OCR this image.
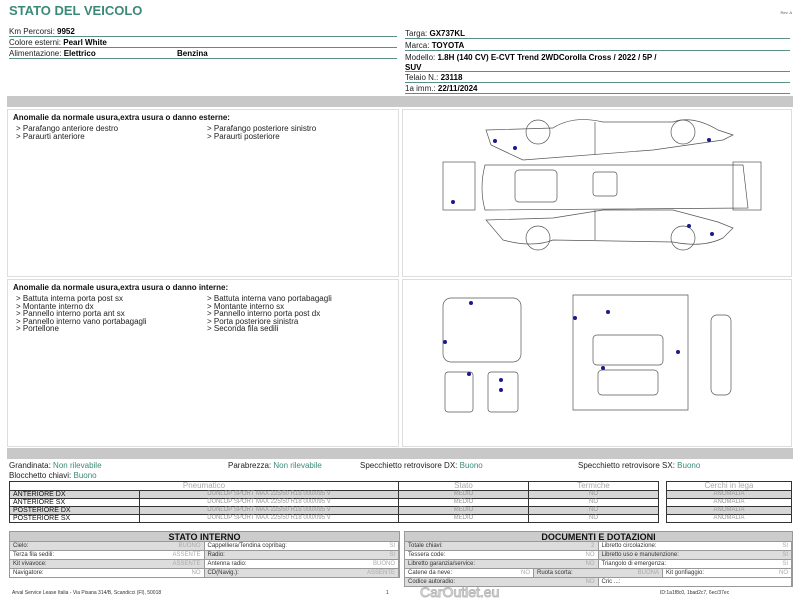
STATO DEL VEICOLO	Rev. A
Km Percorsi: 9952
Colore esterni: Pearl White
Alimentazione: Elettrico	Benzina
Targa: GX737KL
Marca: TOYOTA
Modello: 1.8H (140 CV) E-CVT Trend 2WDCorolla Cross / 2022 / 5P /
SUV
Telaio N.: 23118
1a imm.: 22/11/2024
Anomalie da normale usura,extra usura o danno esterne:

> Parafango anteriore destro

> Paraurti anteriore

> Parafango posteriore sinistro

> Paraurti posteriore

Anomalie da normale usura,extra usura o danno interne:

> Battuta interna porta post sx

> Montante interno dx

> Pannello interno porta ant sx

> Pannello interno vano portabagagli

> Portellone

> Battuta interna vano portabagagli

> Montante interno sx

> Pannello interno porta post dx

> Porta posteriore sinistra

> Seconda fila sedili

Grandinata: Non rilevabile	Parabrezza: Non rilevabile	Specchietto retrovisore DX: Buono	Specchietto retrovisore SX: Buono
Blocchetto chiavi: Buono
Pneumatico		Stato	Termiche
ANTERIORE DX	DUNLOP SPORT MAX 225/50 R18 000/095 V	MEDIO	NO
ANTERIORE SX	DUNLOP SPORT MAX 225/50 R18 000/095 V	MEDIO	NO
POSTERIORE DX	DUNLOP SPORT MAX 225/50 R18 000/095 V	MEDIO	NO
POSTERIORE SX	DUNLOP SPORT MAX 225/50 R18 000/095 V	MEDIO	NO
Cerchi in lega
ANOMALIA
ANOMALIA
ANOMALIA
ANOMALIA
STATO INTERNO
Cielo:	BUONO Cappelliera/Tendina copribag:	SI
Terza fila sedili:	ASSENTE Radio:	SI
Kit vivavoce:	ASSENTE Antenna radio:	BUONO
Navigatore:	NO CD(Navig.):	ASSENTE
DOCUMENTI E DOTAZIONI
Totale chiavi:	2 Libretto circolazione:	SI
Tessera code:	NO Libretto uso e manutenzione:	SI
Libretto garanzia/service:	NO Triangolo di emergenza:	SI
Catene da neve:	NO Ruota scorta:	BUONA Kit gonfiaggio:	NO
Codice autoradio:	NO Cric ...:
Arval Service Lease Italia - Via Pisana 314/B, Scandicci (FI), 50018	1 CarOutlet.eu	ID:1a1f8c0, 1bad2c7, 6ec/37ec
